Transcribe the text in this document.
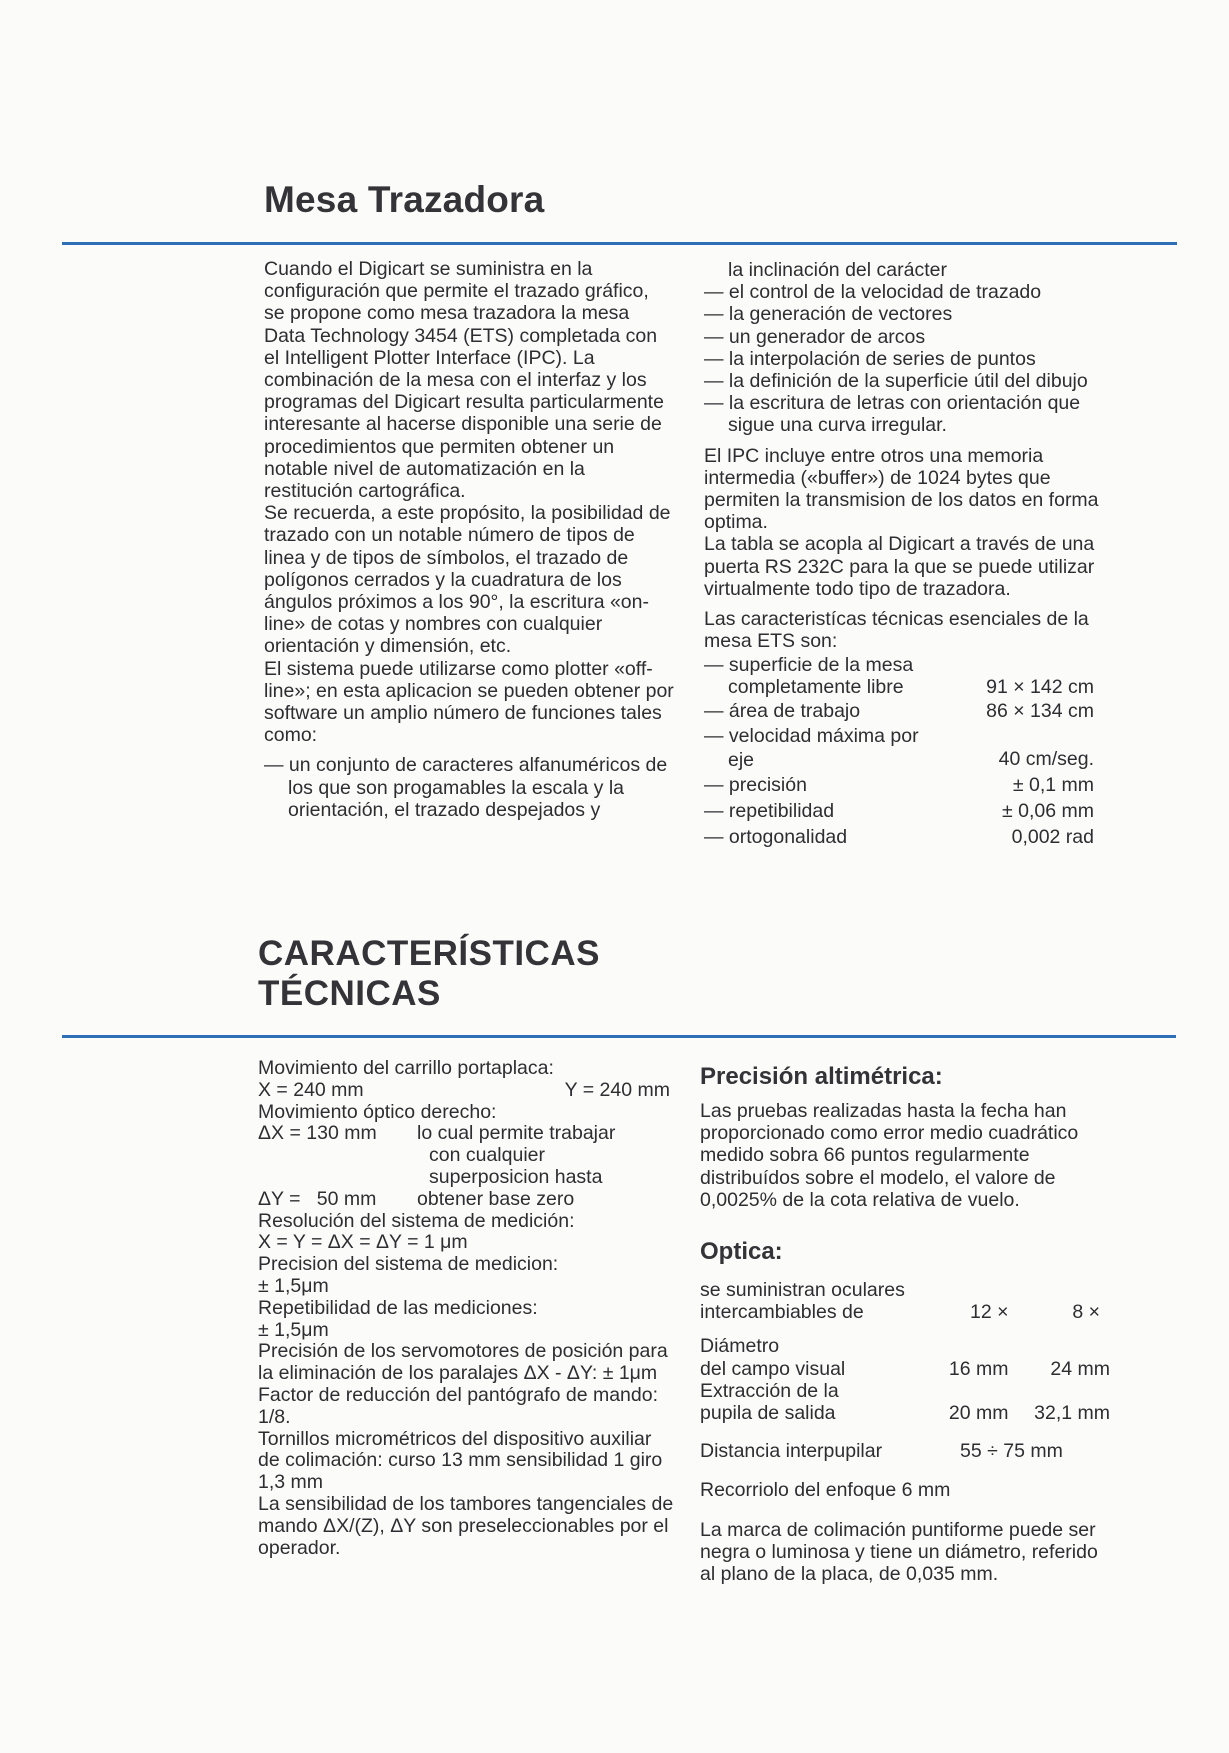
Mesa Trazadora

Cuando el Digicart se suministra en la configuración que permite el trazado gráfico, se propone como mesa trazadora la mesa Data Technology 3454 (ETS) completada con el Intelligent Plotter Interface (IPC). La combinación de la mesa con el interfaz y los programas del Digicart resulta particularmente interesante al hacerse disponible una serie de procedimientos que permiten obtener un notable nivel de automatización en la restitución cartográfica.

Se recuerda, a este propósito, la posibilidad de trazado con un notable número de tipos de linea y de tipos de símbolos, el trazado de polígonos cerrados y la cuadratura de los ángulos próximos a los 90°, la escritura «on-line» de cotas y nombres con cualquier orientación y dimensión, etc.

El sistema puede utilizarse como plotter «off-line»; en esta aplicacion se pueden obtener por software un amplio número de funciones tales como:

— un conjunto de caracteres alfanuméricos de los que son progamables la escala y la orientación, el trazado despejados y

la inclinación del carácter

— el control de la velocidad de trazado

— la generación de vectores

— un generador de arcos

— la interpolación de series de puntos

— la definición de la superficie útil del dibujo

— la escritura de letras con orientación que sigue una curva irregular.

El IPC incluye entre otros una memoria intermedia («buffer») de 1024 bytes que permiten la transmision de los datos en forma optima.

La tabla se acopla al Digicart a través de una puerta RS 232C para la que se puede utilizar virtualmente todo tipo de trazadora.

Las caracteristícas técnicas esenciales de la mesa ETS son:

— superficie de la mesa
completamente libre	91 × 142 cm
— área de trabajo	86 × 134 cm
— velocidad máxima por
eje	40 cm/seg.
— precisión	± 0,1 mm
— repetibilidad	± 0,06 mm
— ortogonalidad	0,002 rad
CARACTERÍSTICAS
TÉCNICAS

Movimiento del carrillo portaplaca:

X = 240 mm	Y = 240 mm

Movimiento óptico derecho:

ΔX = 130 mm	lo cual permite trabajar
con cualquier
superposicion hasta
ΔY =   50 mm	obtener base zero

Resolución del sistema de medición:

X = Y = ΔX = ΔY = 1 μm

Precision del sistema de medicion:

± 1,5μm

Repetibilidad de las mediciones:

± 1,5μm

Precisión de los servomotores de posición para la eliminación de los paralajes ΔX - ΔY: ± 1μm

Factor de reducción del pantógrafo de mando: 1/8.

Tornillos micrométricos del dispositivo auxiliar de colimación: curso 13 mm sensibilidad 1 giro 1,3 mm

La sensibilidad de los tambores tangenciales de mando ΔX/(Z), ΔY son preseleccionables por el operador.

Precisión altimétrica:

Las pruebas realizadas hasta la fecha han proporcionado como error medio cuadrático medido sobra 66 puntos regularmente distribuídos sobre el modelo, el valore de 0,0025% de la cota relativa de vuelo.

Optica:
se suministran oculares
intercambiables de	12 ×	8 ×

Diámetro
del campo visual	16 mm	24 mm
Extracción de la
pupila de salida	20 mm	32,1 mm
Distancia interpupilar	55 ÷ 75 mm

Recorriolo del enfoque 6 mm

La marca de colimación puntiforme puede ser negra o luminosa y tiene un diámetro, referido al plano de la placa, de 0,035 mm.
